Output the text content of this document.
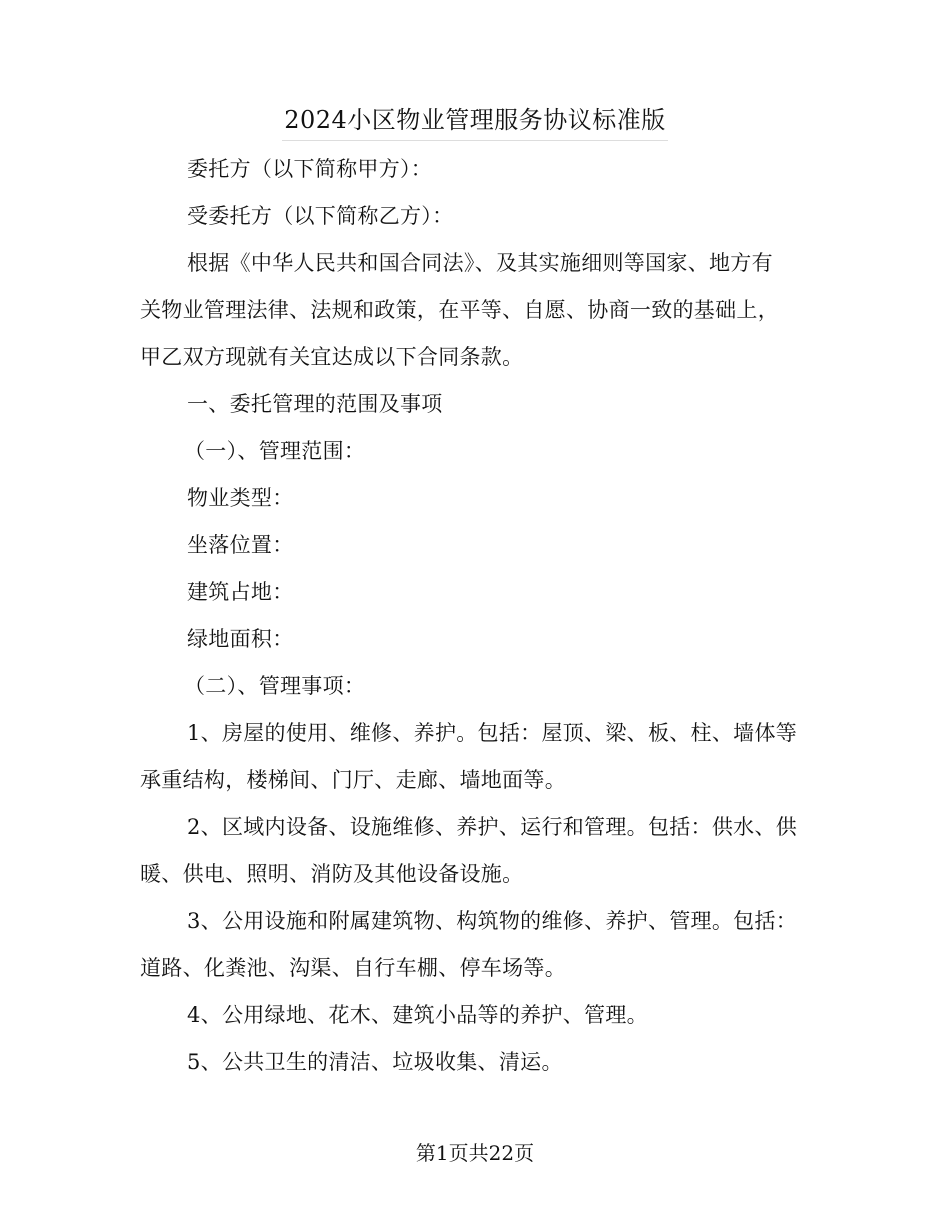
2024小区物业管理服务协议标准版
委托方（以下简称甲方）：
受委托方（以下简称乙方）：
根据《中华人民共和国合同法》、及其实施细则等国家、地方有
关物业管理法律、法规和政策，在平等、自愿、协商一致的基础上，
甲乙双方现就有关宜达成以下合同条款。
一、委托管理的范围及事项
（一）、管理范围：
物业类型：
坐落位置：
建筑占地：
绿地面积：
（二）、管理事项：
1、房屋的使用、维修、养护。包括：屋顶、梁、板、柱、墙体等
承重结构，楼梯间、门厅、走廊、墙地面等。
2、区域内设备、设施维修、养护、运行和管理。包括：供水、供
暖、供电、照明、消防及其他设备设施。
3、公用设施和附属建筑物、构筑物的维修、养护、管理。包括：
道路、化粪池、沟渠、自行车棚、停车场等。
4、公用绿地、花木、建筑小品等的养护、管理。
5、公共卫生的清洁、垃圾收集、清运。
第1页共22页
